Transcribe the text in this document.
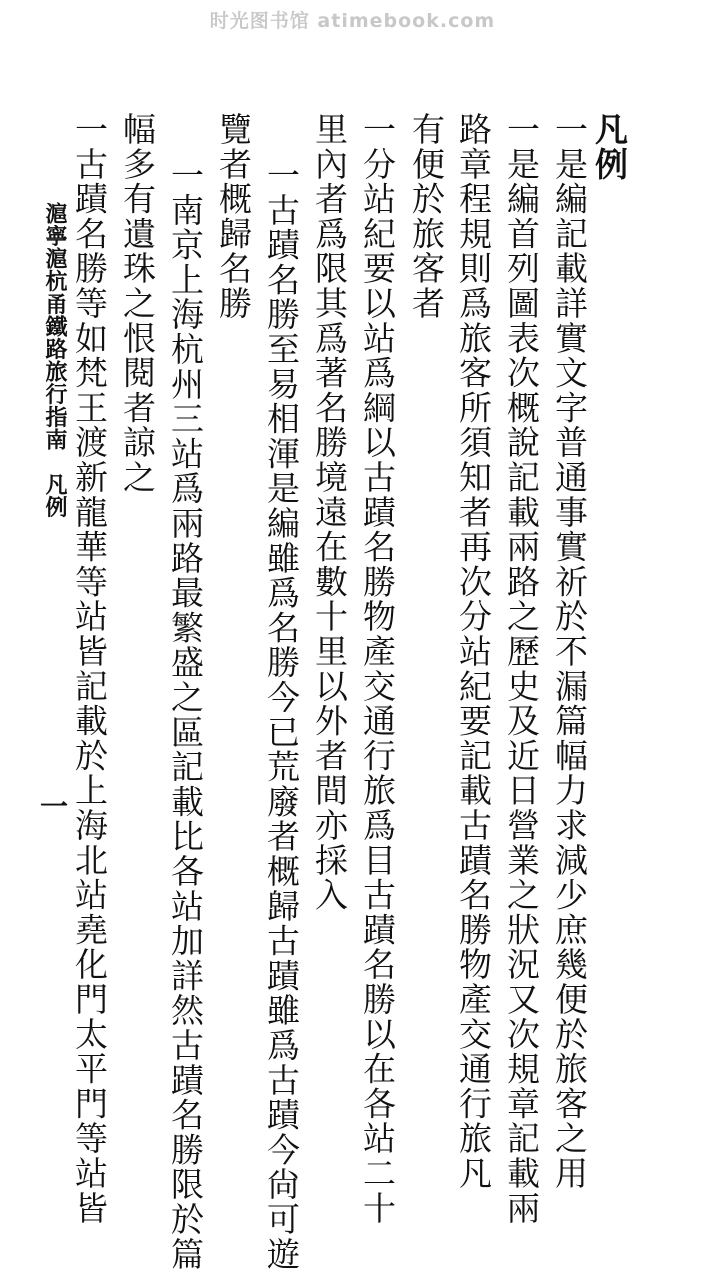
时光图书馆 atimebook.com
凡例
一是編記載詳實文字普通事實祈於不漏篇幅力求減少庶幾便於旅客之用
一是編首列圖表次概說記載兩路之歷史及近日營業之狀況又次規章記載兩
路章程規則爲旅客所須知者再次分站紀要記載古蹟名勝物產交通行旅凡
有便於旅客者
一分站紀要以站爲綱以古蹟名勝物產交通行旅爲目古蹟名勝以在各站二十
里內者爲限其爲著名勝境遠在數十里以外者間亦採入
一古蹟名勝至易相渾是編雖爲名勝今已荒廢者概歸古蹟雖爲古蹟今尙可遊
覽者概歸名勝
一南京上海杭州三站爲兩路最繁盛之區記載比各站加詳然古蹟名勝限於篇
幅多有遺珠之恨閱者諒之
一古蹟名勝等如梵王渡新龍華等站皆記載於上海北站堯化門太平門等站皆
滬寧滬杭甬鐵路旅行指南　凡例
一
